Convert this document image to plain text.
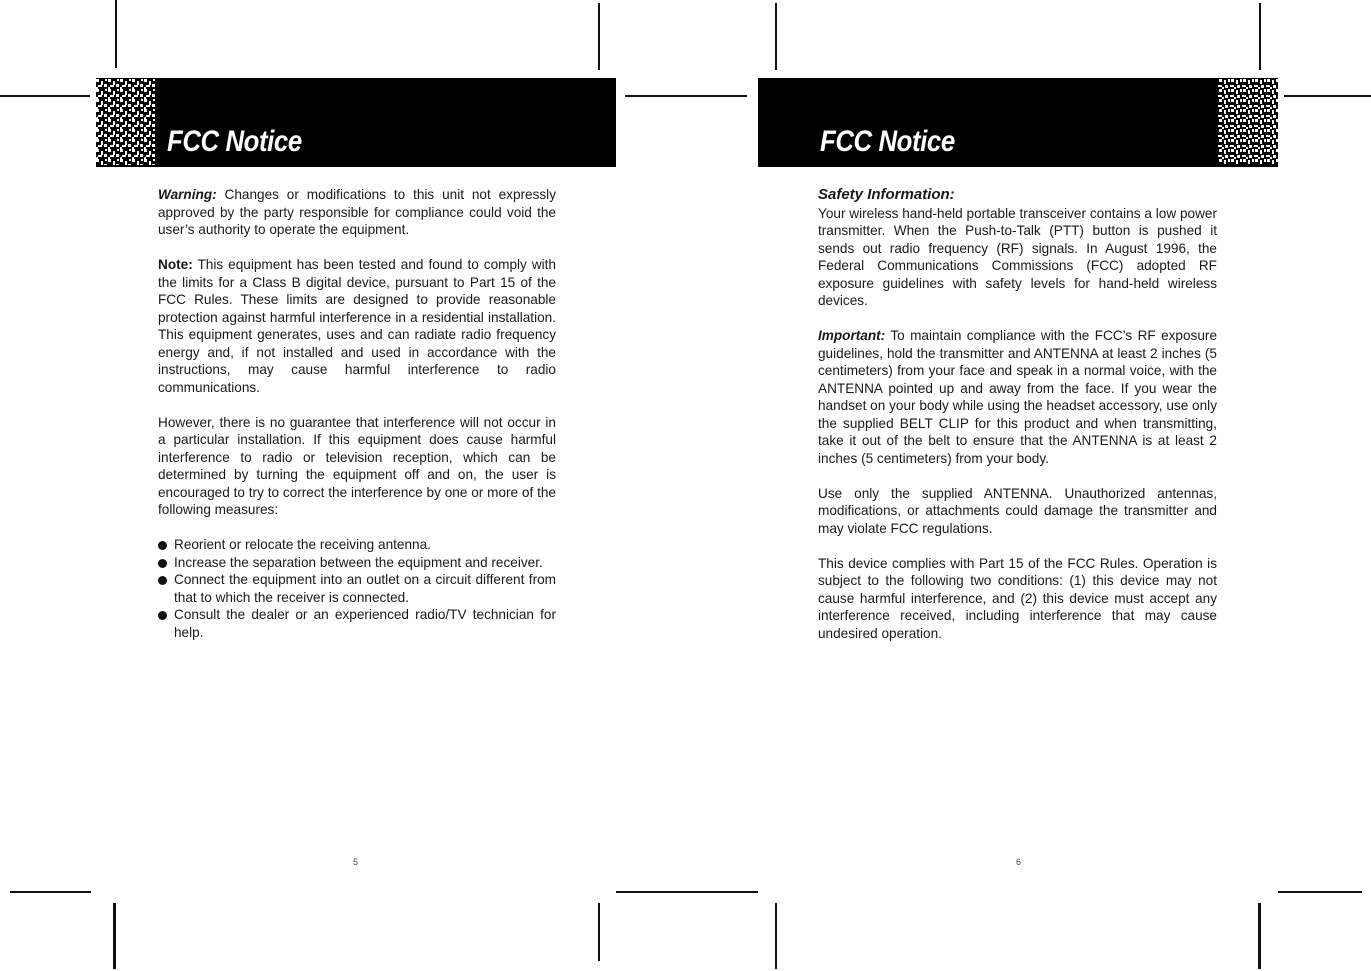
FCC Notice

Warning: Changes or modifications to this unit not expressly approved by the party responsible for compliance could void the user’s authority to operate the equipment.

Note: This equipment has been tested and found to comply with the limits for a Class B digital device, pursuant to Part 15 of the FCC Rules. These limits are designed to provide reasonable protection against harmful interference in a residential installation. This equipment generates, uses and can radiate radio frequency energy and, if not installed and used in accordance with the instructions, may cause harmful interference to radio communications.

However, there is no guarantee that interference will not occur in a particular installation. If this equipment does cause harmful interference to radio or television reception, which can be determined by turning the equipment off and on, the user is encouraged to try to correct the interference by one or more of the following measures:

Reorient or relocate the receiving antenna.
Increase the separation between the equipment and receiver.
Connect the equipment into an outlet on a circuit different from that to which the receiver is connected.
Consult the dealer or an experienced radio/TV technician for help.
5
FCC Notice
Safety Information:

Your wireless hand-held portable transceiver contains a low power transmitter. When the Push-to-Talk (PTT) button is pushed it sends out radio frequency (RF) signals. In August 1996, the Federal Communications Commissions (FCC) adopted RF exposure guidelines with safety levels for hand-held wireless devices.

Important: To maintain compliance with the FCC’s RF exposure guidelines, hold the transmitter and ANTENNA at least 2 inches (5 centimeters) from your face and speak in a normal voice, with the ANTENNA pointed up and away from the face. If you wear the handset on your body while using the headset accessory, use only the supplied BELT CLIP for this product and when transmitting, take it out of the belt to ensure that the ANTENNA is at least 2 inches (5 centimeters) from your body.

Use only the supplied ANTENNA. Unauthorized antennas, modifications, or attachments could damage the transmitter and may violate FCC regulations.

This device complies with Part 15 of the FCC Rules. Operation is subject to the following two conditions: (1) this device may not cause harmful interference, and (2) this device must accept any interference received, including interference that may cause undesired operation.

6
